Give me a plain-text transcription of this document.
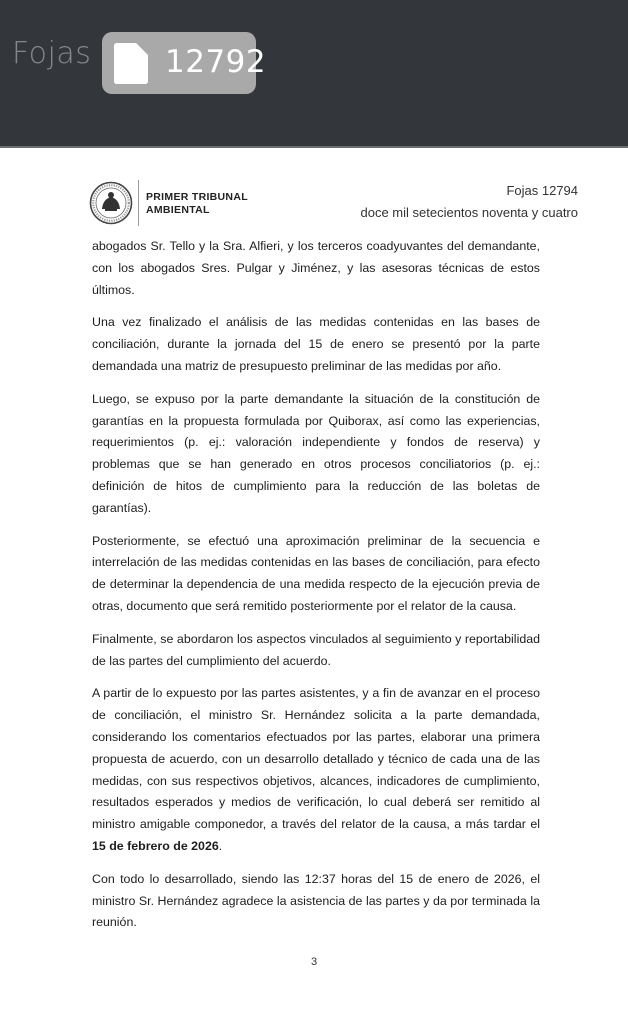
Fojas 12792
PRIMER TRIBUNAL
AMBIENTAL
Fojas 12794
doce mil setecientos noventa y cuatro

abogados Sr. Tello y la Sra. Alfieri, y los terceros coadyuvantes del demandante, con los abogados Sres. Pulgar y Jiménez, y las asesoras técnicas de estos últimos.

Una vez finalizado el análisis de las medidas contenidas en las bases de conciliación, durante la jornada del 15 de enero se presentó por la parte demandada una matriz de presupuesto preliminar de las medidas por año.

Luego, se expuso por la parte demandante la situación de la constitución de garantías en la propuesta formulada por Quiborax, así como las experiencias, requerimientos (p. ej.: valoración independiente y fondos de reserva) y problemas que se han generado en otros procesos conciliatorios (p. ej.: definición de hitos de cumplimiento para la reducción de las boletas de garantías).

Posteriormente, se efectuó una aproximación preliminar de la secuencia e interrelación de las medidas contenidas en las bases de conciliación, para efecto de determinar la dependencia de una medida respecto de la ejecución previa de otras, documento que será remitido posteriormente por el relator de la causa.

Finalmente, se abordaron los aspectos vinculados al seguimiento y reportabilidad de las partes del cumplimiento del acuerdo.

A partir de lo expuesto por las partes asistentes, y a fin de avanzar en el proceso de conciliación, el ministro Sr. Hernández solicita a la parte demandada, considerando los comentarios efectuados por las partes, elaborar una primera propuesta de acuerdo, con un desarrollo detallado y técnico de cada una de las medidas, con sus respectivos objetivos, alcances, indicadores de cumplimiento, resultados esperados y medios de verificación, lo cual deberá ser remitido al ministro amigable componedor, a través del relator de la causa, a más tardar el 15 de febrero de 2026.

Con todo lo desarrollado, siendo las 12:37 horas del 15 de enero de 2026, el ministro Sr. Hernández agradece la asistencia de las partes y da por terminada la reunión.

3
